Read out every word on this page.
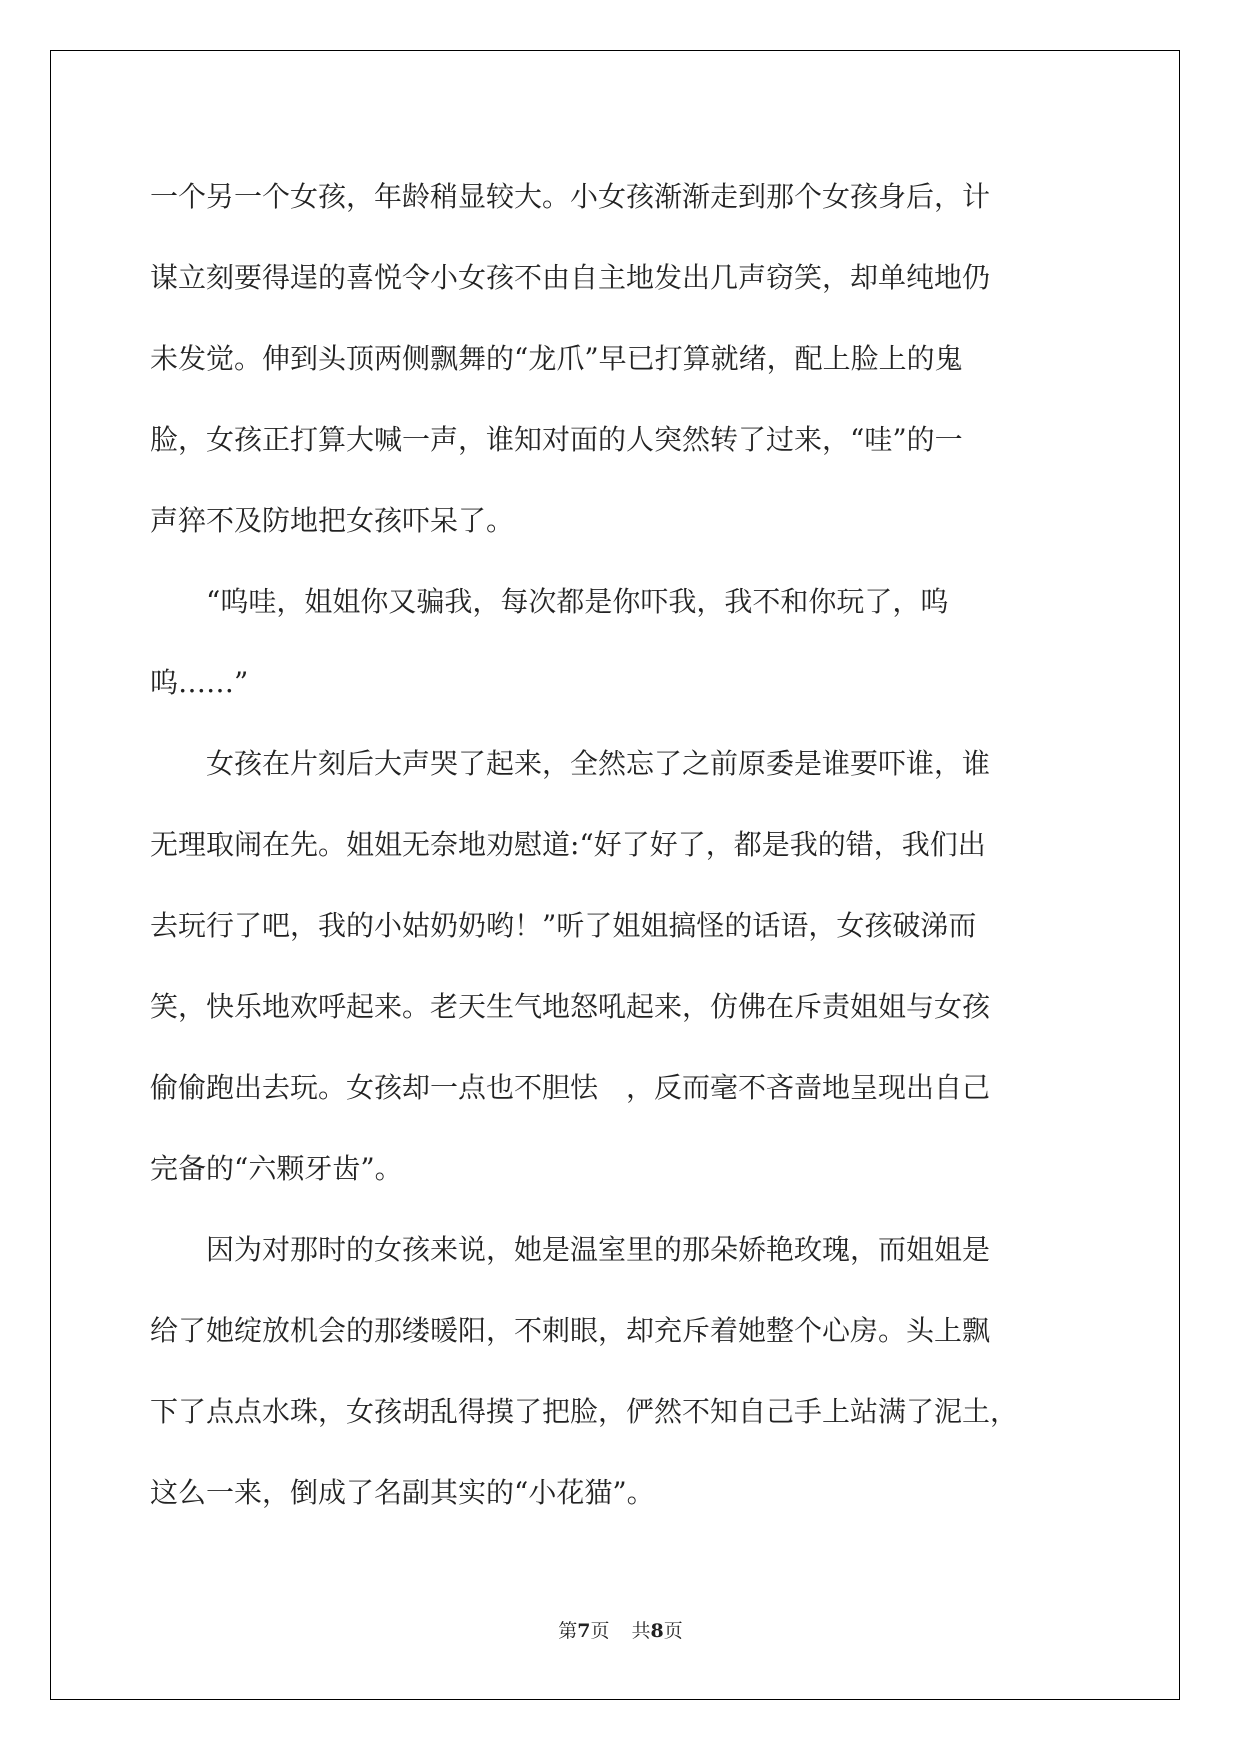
一个另一个女孩，年龄稍显较大。小女孩渐渐走到那个女孩身后，计
谋立刻要得逞的喜悦令小女孩不由自主地发出几声窃笑，却单纯地仍
未发觉。伸到头顶两侧飘舞的“龙爪”早已打算就绪，配上脸上的鬼
脸，女孩正打算大喊一声，谁知对面的人突然转了过来，“哇”的一
声猝不及防地把女孩吓呆了。
　　“呜哇，姐姐你又骗我，每次都是你吓我，我不和你玩了，呜
呜……”
　　女孩在片刻后大声哭了起来，全然忘了之前原委是谁要吓谁，谁
无理取闹在先。姐姐无奈地劝慰道:“好了好了，都是我的错，我们出
去玩行了吧，我的小姑奶奶哟！”听了姐姐搞怪的话语，女孩破涕而
笑，快乐地欢呼起来。老天生气地怒吼起来，仿佛在斥责姐姐与女孩
偷偷跑出去玩。女孩却一点也不胆怯　，反而毫不吝啬地呈现出自己
完备的“六颗牙齿”。
　　因为对那时的女孩来说，她是温室里的那朵娇艳玫瑰，而姐姐是
给了她绽放机会的那缕暖阳，不刺眼，却充斥着她整个心房。头上飘
下了点点水珠，女孩胡乱得摸了把脸，俨然不知自己手上站满了泥土，
这么一来，倒成了名副其实的“小花猫”。
第7页 共8页
